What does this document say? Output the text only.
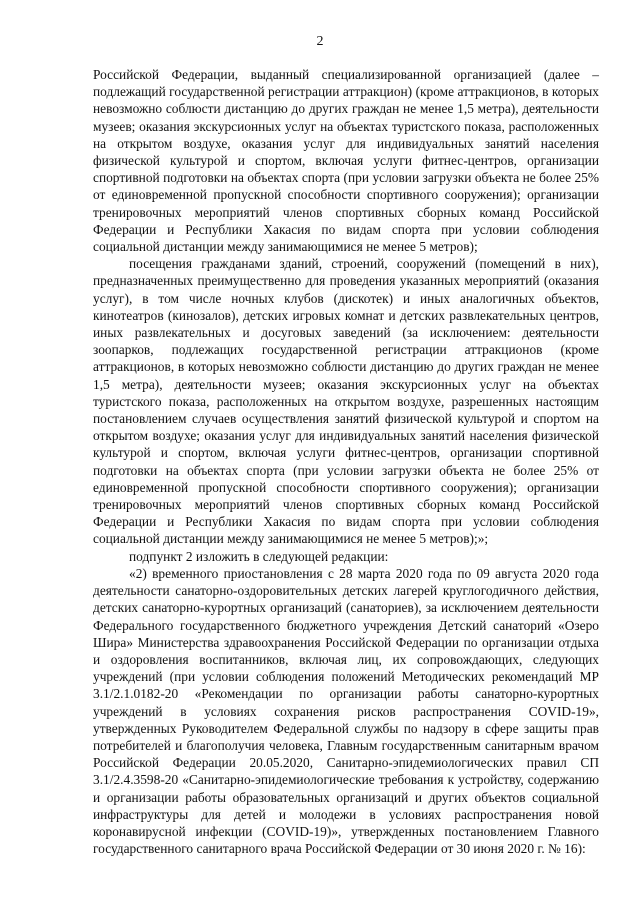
2

Российской Федерации, выданный специализированной организацией (далее – подлежащий государственной регистрации аттракцион) (кроме аттракционов, в которых невозможно соблюсти дистанцию до других граждан не менее 1,5 метра), деятельности музеев; оказания экскурсионных услуг на объектах туристского показа, расположенных на открытом воздухе, оказания услуг для индивидуальных занятий населения физической культурой и спортом, включая услуги фитнес-центров, организации спортивной подготовки на объектах спорта (при условии загрузки объекта не более 25% от единовременной пропускной способности спортивного сооружения); организации тренировочных мероприятий членов спортивных сборных команд Российской Федерации и Республики Хакасия по видам спорта при условии соблюдения социальной дистанции между занимающимися не менее 5 метров);

посещения гражданами зданий, строений, сооружений (помещений в них), предназначенных преимущественно для проведения указанных мероприятий (оказания услуг), в том числе ночных клубов (дискотек) и иных аналогичных объектов, кинотеатров (кинозалов), детских игровых комнат и детских развлекательных центров, иных развлекательных и досуговых заведений (за исключением: деятельности зоопарков, подлежащих государственной регистрации аттракционов (кроме аттракционов, в которых невозможно соблюсти дистанцию до других граждан не менее 1,5 метра), деятельности музеев; оказания экскурсионных услуг на объектах туристского показа, расположенных на открытом воздухе, разрешенных настоящим постановлением случаев осуществления занятий физической культурой и спортом на открытом воздухе; оказания услуг для индивидуальных занятий населения физической культурой и спортом, включая услуги фитнес-центров, организации спортивной подготовки на объектах спорта (при условии загрузки объекта не более 25% от единовременной пропускной способности спортивного сооружения); организации тренировочных мероприятий членов спортивных сборных команд Российской Федерации и Республики Хакасия по видам спорта при условии соблюдения социальной дистанции между занимающимися не менее 5 метров);»;

подпункт 2 изложить в следующей редакции:

«2) временного приостановления с 28 марта 2020 года по 09 августа 2020 года деятельности санаторно-оздоровительных детских лагерей круглогодичного действия, детских санаторно-курортных организаций (санаториев), за исключением деятельности Федерального государственного бюджетного учреждения Детский санаторий «Озеро Шира» Министерства здравоохранения Российской Федерации по организации отдыха и оздоровления воспитанников, включая лиц, их сопровождающих, следующих учреждений (при условии соблюдения положений Методических рекомендаций МР 3.1/2.1.0182-20 «Рекомендации по организации работы санаторно-курортных учреждений в условиях сохранения рисков распространения COVID-19», утвержденных Руководителем Федеральной службы по надзору в сфере защиты прав потребителей и благополучия человека, Главным государственным санитарным врачом Российской Федерации 20.05.2020, Санитарно-эпидемиологических правил СП 3.1/2.4.3598-20 «Санитарно-эпидемиологические требования к устройству, содержанию и организации работы образовательных организаций и других объектов социальной инфраструктуры для детей и молодежи в условиях распространения новой коронавирусной инфекции (COVID-19)», утвержденных постановлением Главного государственного санитарного врача Российской Федерации от 30 июня 2020 г. № 16):
